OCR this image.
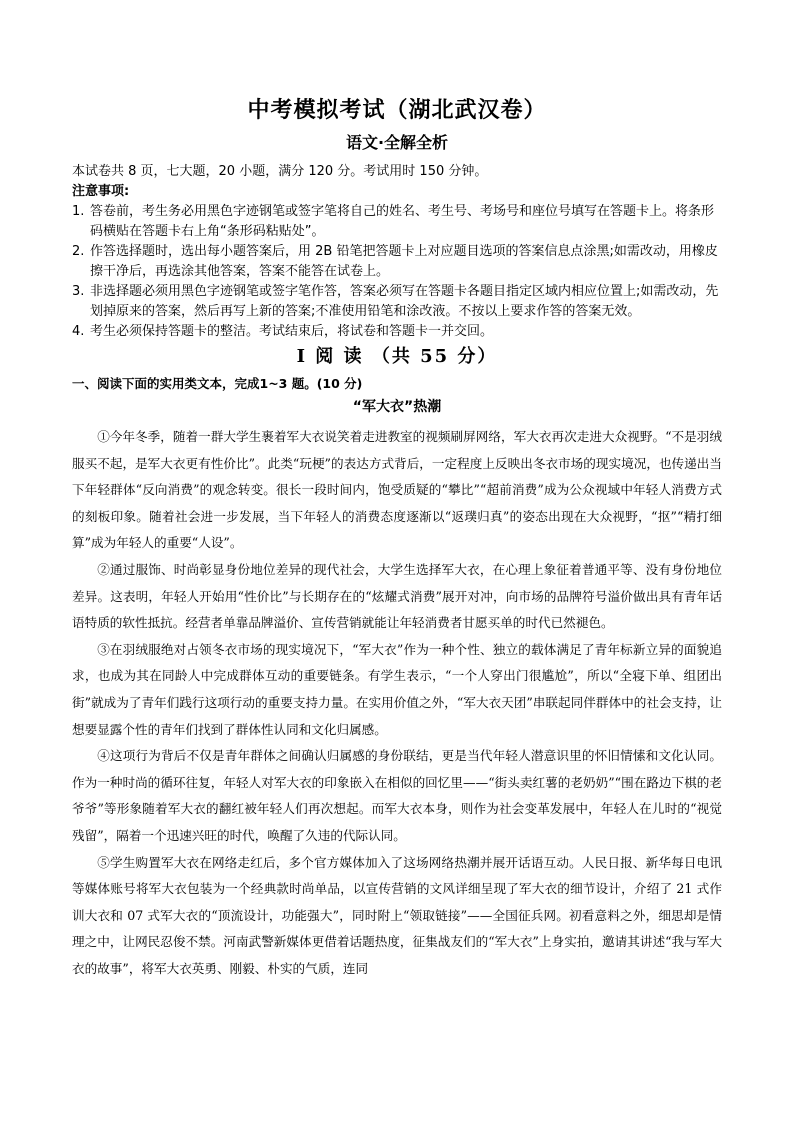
中考模拟考试（湖北武汉卷）
语文·全解全析

本试卷共 8 页，七大题，20 小题，满分 120 分。考试用时 150 分钟。

注意事项:

1. 答卷前，考生务必用黑色字迹钢笔或签字笔将自己的姓名、考生号、考场号和座位号填写在答题卡上。将条形码横贴在答题卡右上角“条形码粘贴处”。
2. 作答选择题时，选出每小题答案后，用 2B 铅笔把答题卡上对应题目选项的答案信息点涂黑;如需改动，用橡皮擦干净后，再选涂其他答案，答案不能答在试卷上。
3. 非选择题必须用黑色字迹钢笔或签字笔作答，答案必须写在答题卡各题目指定区域内相应位置上;如需改动，先划掉原来的答案，然后再写上新的答案;不准使用铅笔和涂改液。不按以上要求作答的答案无效。
4. 考生必须保持答题卡的整洁。考试结束后，将试卷和答题卡一并交回。
I 阅 读 （共 55 分）

一、阅读下面的实用类文本，完成1~3 题。(10 分)

“军大衣”热潮

①今年冬季，随着一群大学生裹着军大衣说笑着走进教室的视频刷屏网络，军大衣再次走进大众视野。“不是羽绒服买不起，是军大衣更有性价比”。此类“玩梗”的表达方式背后，一定程度上反映出冬衣市场的现实境况，也传递出当下年轻群体“反向消费”的观念转变。很长一段时间内，饱受质疑的“攀比”“超前消费”成为公众视域中年轻人消费方式的刻板印象。随着社会进一步发展，当下年轻人的消费态度逐渐以“返璞归真”的姿态出现在大众视野，“抠”“精打细算”成为年轻人的重要“人设”。

②通过服饰、时尚彰显身份地位差异的现代社会，大学生选择军大衣，在心理上象征着普通平等、没有身份地位差异。这表明，年轻人开始用“性价比”与长期存在的“炫耀式消费”展开对冲，向市场的品牌符号溢价做出具有青年话语特质的软性抵抗。经营者单靠品牌溢价、宣传营销就能让年轻消费者甘愿买单的时代已然褪色。

③在羽绒服绝对占领冬衣市场的现实境况下，“军大衣”作为一种个性、独立的载体满足了青年标新立异的面貌追求，也成为其在同龄人中完成群体互动的重要链条。有学生表示，“一个人穿出门很尴尬”，所以“全寝下单、组团出街”就成为了青年们践行这项行动的重要支持力量。在实用价值之外，“军大衣天团”串联起同伴群体中的社会支持，让想要显露个性的青年们找到了群体性认同和文化归属感。

④这项行为背后不仅是青年群体之间确认归属感的身份联结，更是当代年轻人潜意识里的怀旧情愫和文化认同。作为一种时尚的循环往复，年轻人对军大衣的印象嵌入在相似的回忆里——“街头卖红薯的老奶奶”“围在路边下棋的老爷爷”等形象随着军大衣的翻红被年轻人们再次想起。而军大衣本身，则作为社会变革发展中，年轻人在儿时的“视觉残留”，隔着一个迅速兴旺的时代，唤醒了久违的代际认同。

⑤学生购置军大衣在网络走红后，多个官方媒体加入了这场网络热潮并展开话语互动。人民日报、新华每日电讯等媒体账号将军大衣包装为一个经典款时尚单品，以宣传营销的文风详细呈现了军大衣的细节设计，介绍了 21 式作训大衣和 07 式军大衣的“顶流设计，功能强大”，同时附上“领取链接”——全国征兵网。初看意料之外，细思却是情理之中，让网民忍俊不禁。河南武警新媒体更借着话题热度，征集战友们的“军大衣”上身实拍，邀请其讲述“我与军大衣的故事”，将军大衣英勇、刚毅、朴实的气质，连同
